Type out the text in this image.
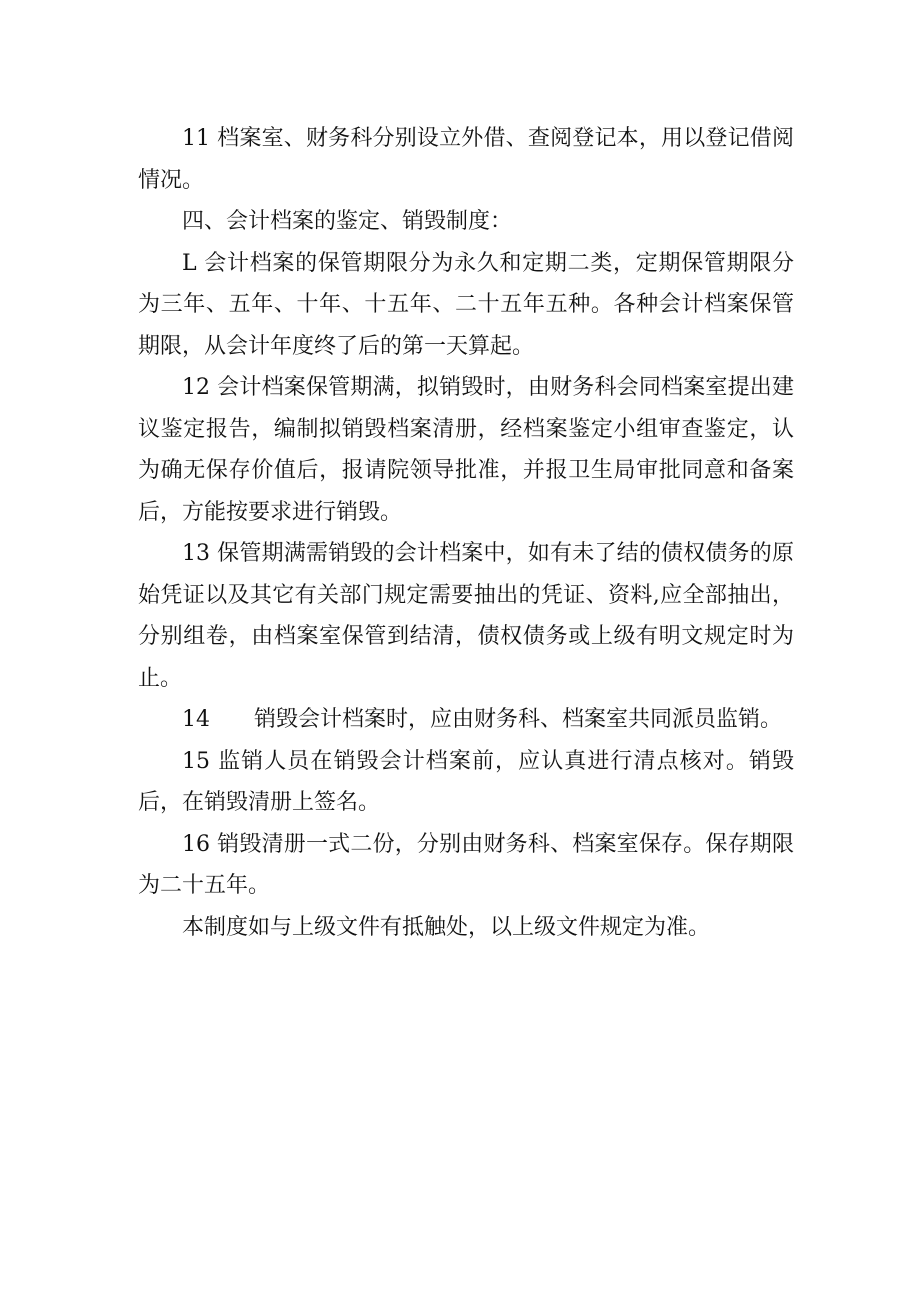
11 档案室、财务科分别设立外借、查阅登记本，用以登记借阅情况。

四、会计档案的鉴定、销毁制度：

L 会计档案的保管期限分为永久和定期二类，定期保管期限分为三年、五年、十年、十五年、二十五年五种。各种会计档案保管期限，从会计年度终了后的第一天算起。

12 会计档案保管期满，拟销毁时，由财务科会同档案室提出建议鉴定报告，编制拟销毁档案清册，经档案鉴定小组审查鉴定，认为确无保存价值后，报请院领导批准，并报卫生局审批同意和备案后，方能按要求进行销毁。

13 保管期满需销毁的会计档案中，如有未了结的债权债务的原始凭证以及其它有关部门规定需要抽出的凭证、资料,应全部抽出，分别组卷，由档案室保管到结清，债权债务或上级有明文规定时为止。

14　　销毁会计档案时，应由财务科、档案室共同派员监销。

15 监销人员在销毁会计档案前，应认真进行清点核对。销毁后，在销毁清册上签名。

16 销毁清册一式二份，分别由财务科、档案室保存。保存期限为二十五年。

本制度如与上级文件有抵触处，以上级文件规定为准。
